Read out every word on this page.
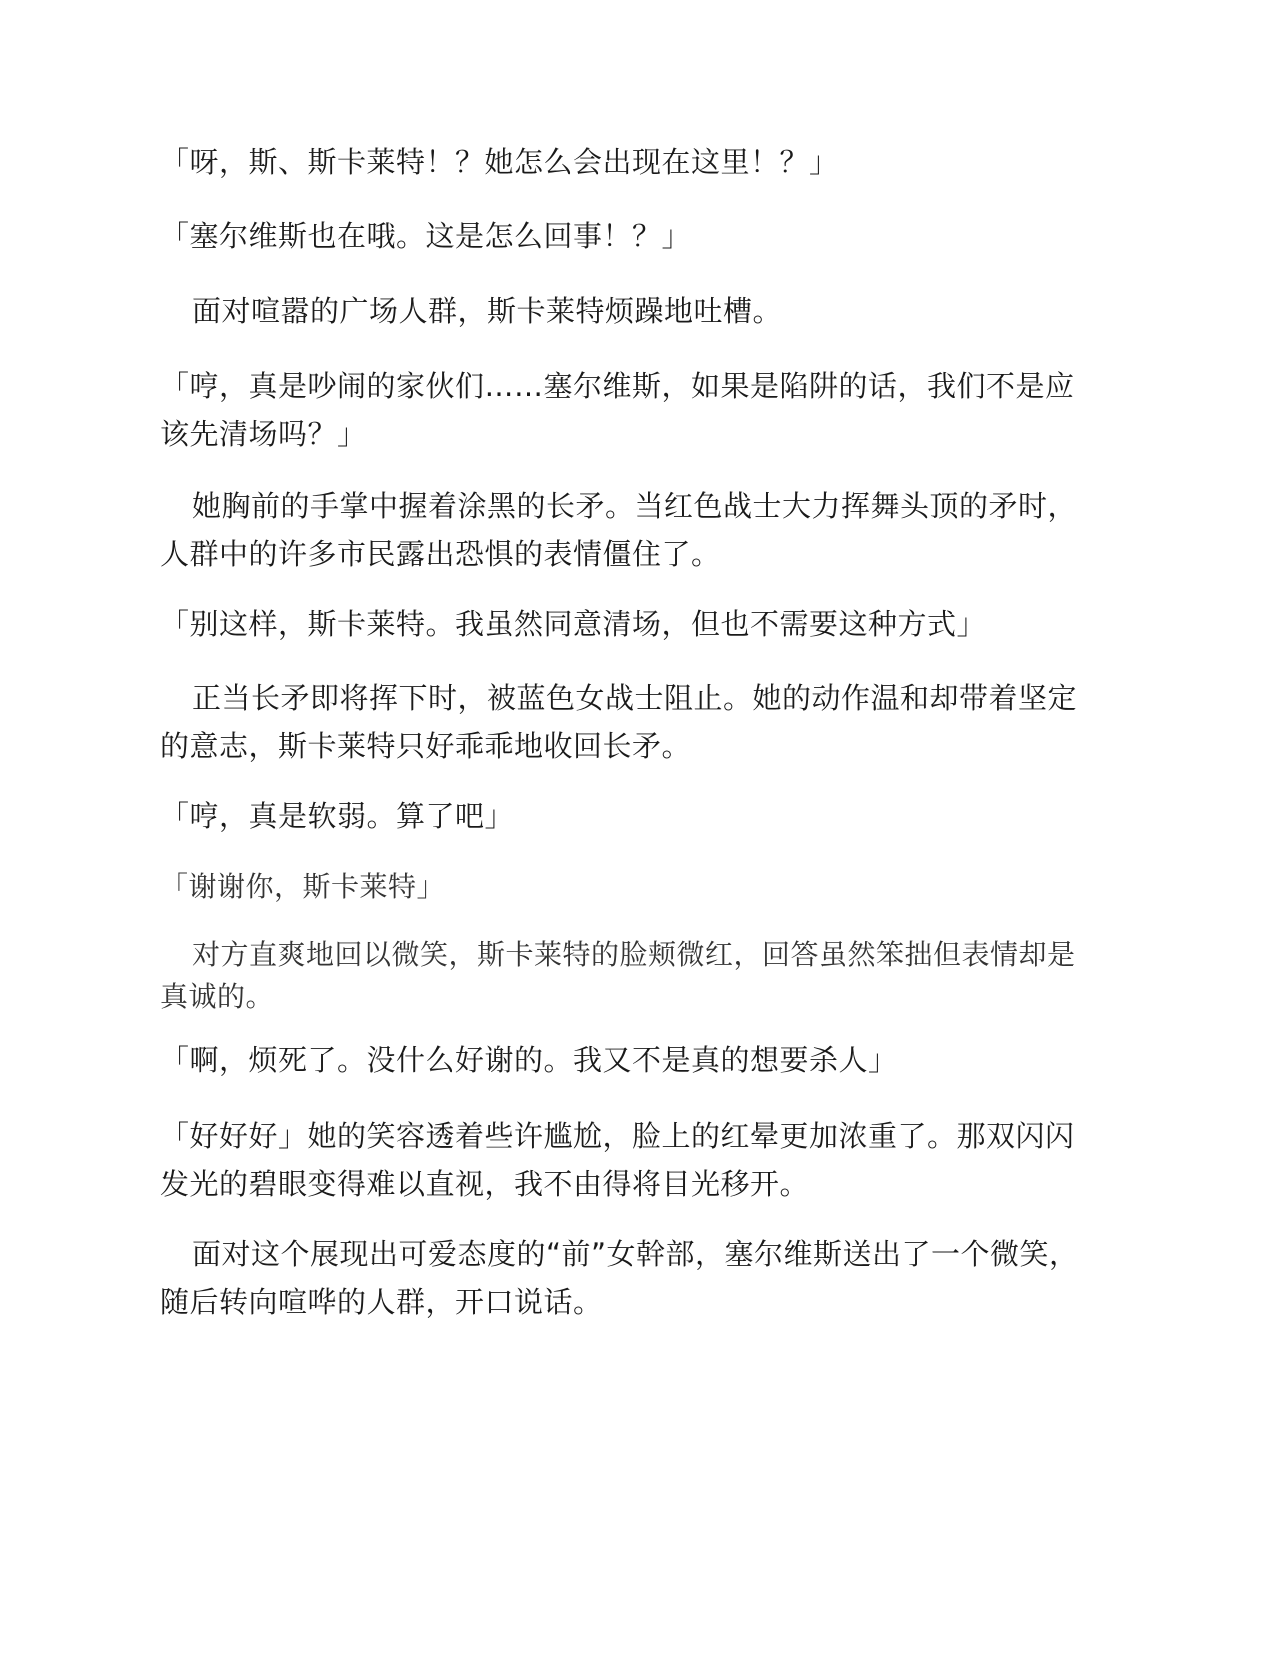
「呀，斯、斯卡莱特！？她怎么会出现在这里！？」

「塞尔维斯也在哦。这是怎么回事！？」

面对喧嚣的广场人群，斯卡莱特烦躁地吐槽。

「哼，真是吵闹的家伙们……塞尔维斯，如果是陷阱的话，我们不是应该先清场吗？」

她胸前的手掌中握着涂黑的长矛。当红色战士大力挥舞头顶的矛时，人群中的许多市民露出恐惧的表情僵住了。

「别这样，斯卡莱特。我虽然同意清场，但也不需要这种方式」

正当长矛即将挥下时，被蓝色女战士阻止。她的动作温和却带着坚定的意志，斯卡莱特只好乖乖地收回长矛。

「哼，真是软弱。算了吧」

「谢谢你，斯卡莱特」

对方直爽地回以微笑，斯卡莱特的脸颊微红，回答虽然笨拙但表情却是真诚的。

「啊，烦死了。没什么好谢的。我又不是真的想要杀人」

「好好好」她的笑容透着些许尴尬，脸上的红晕更加浓重了。那双闪闪发光的碧眼变得难以直视，我不由得将目光移开。

面对这个展现出可爱态度的“前”女幹部，塞尔维斯送出了一个微笑，随后转向喧哗的人群，开口说话。
